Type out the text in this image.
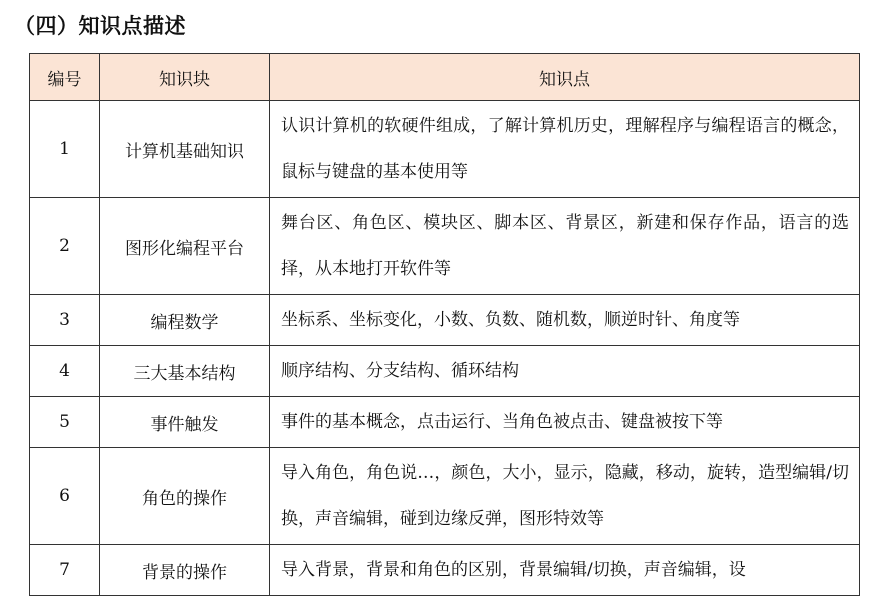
（四）知识点描述
编号	知识块	知识点
1	计算机基础知识	认识计算机的软硬件组成，了解计算机历史，理解程序与编程语言的概念，鼠标与键盘的基本使用等
2	图形化编程平台	舞台区、角色区、模块区、脚本区、背景区，新建和保存作品，语言的选择，从本地打开软件等
3	编程数学	坐标系、坐标变化，小数、负数、随机数，顺逆时针、角度等
4	三大基本结构	顺序结构、分支结构、循环结构
5	事件触发	事件的基本概念，点击运行、当角色被点击、键盘被按下等
6	角色的操作	导入角色，角色说…，颜色，大小，显示，隐藏，移动，旋转，造型编辑/切换，声音编辑，碰到边缘反弹，图形特效等
7	背景的操作	导入背景，背景和角色的区别，背景编辑/切换，声音编辑，设
